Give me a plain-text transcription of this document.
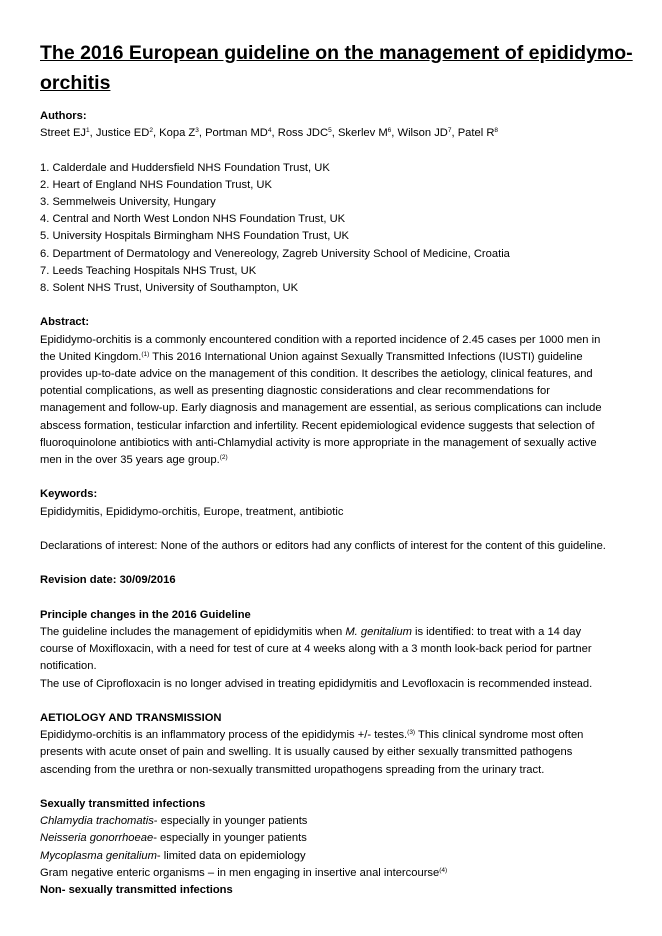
The 2016 European guideline on the management of epididymo-orchitis
Authors:
Street $EJ^1$, Justice $ED^2$, Kopa $Z^3$, Portman $MD^4$, Ross JDC$^5$, Skerlev $M^6$, Wilson $JD^7$, Patel $R^8$
1. Calderdale and Huddersfield NHS Foundation Trust, UK
2. Heart of England NHS Foundation Trust, UK
3. Semmelweis University, Hungary
4. Central and North West London NHS Foundation Trust, UK
5. University Hospitals Birmingham NHS Foundation Trust, UK
6. Department of Dermatology and Venereology, Zagreb University School of Medicine, Croatia
7. Leeds Teaching Hospitals NHS Trust, UK
8. Solent NHS Trust, University of Southampton, UK
Abstract:
Epididymo-orchitis is a commonly encountered condition with a reported incidence of 2.45 cases per 1000 men in
the United Kingdom.$^{(1)}$ This 2016 International Union against Sexually Transmitted Infections (IUSTI) guideline
provides up-to-date advice on the management of this condition. It describes the aetiology, clinical features, and
potential complications, as well as presenting diagnostic considerations and clear recommendations for
management and follow-up. Early diagnosis and management are essential, as serious complications can include
abscess formation, testicular infarction and infertility. Recent epidemiological evidence suggests that selection of
fluoroquinolone antibiotics with anti-Chlamydial activity is more appropriate in the management of sexually active
men in the over 35 years age group.$^{(2)}$
Keywords:
Epididymitis, Epididymo-orchitis, Europe, treatment, antibiotic
Declarations of interest: None of the authors or editors had any conflicts of interest for the content of this guideline.
Revision date: 30/09/2016
Principle changes in the 2016 Guideline
The guideline includes the management of epididymitis when M. genitalium is identified: to treat with a 14 day
course of Moxifloxacin, with a need for test of cure at 4 weeks along with a 3 month look-back period for partner
notification.
The use of Ciprofloxacin is no longer advised in treating epididymitis and Levofloxacin is recommended instead.
AETIOLOGY AND TRANSMISSION
Epididymo-orchitis is an inflammatory process of the epididymis +/- testes.$^{(3)}$ This clinical syndrome most often
presents with acute onset of pain and swelling. It is usually caused by either sexually transmitted pathogens
ascending from the urethra or non-sexually transmitted uropathogens spreading from the urinary tract.
Sexually transmitted infections
Chlamydia trachomatis- especially in younger patients
Neisseria gonorrhoeae- especially in younger patients
Mycoplasma genitalium- limited data on epidemiology
Gram negative enteric organisms – in men engaging in insertive anal intercourse$^{(4)}$
Non- sexually transmitted infections
